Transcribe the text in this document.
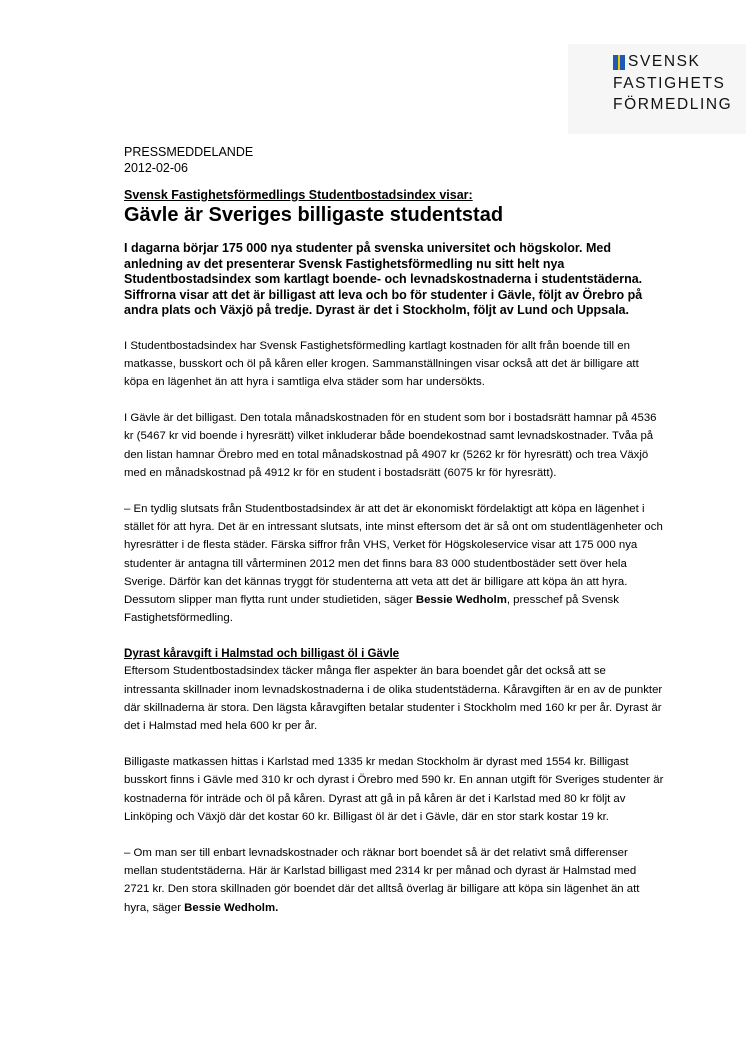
SVENSK
FASTIGHETS
FÖRMEDLING

PRESSMEDDELANDE

2012-02-06

Svensk Fastighetsförmedlings Studentbostadsindex visar:

Gävle är Sveriges billigaste studentstad

I dagarna börjar 175 000 nya studenter på svenska universitet och högskolor. Med anledning av det presenterar Svensk Fastighetsförmedling nu sitt helt nya Studentbostadsindex som kartlagt boende- och levnadskostnaderna i studentstäderna. Siffrorna visar att det är billigast att leva och bo för studenter i Gävle, följt av Örebro på andra plats och Växjö på tredje. Dyrast är det i Stockholm, följt av Lund och Uppsala.

I Studentbostadsindex har Svensk Fastighetsförmedling kartlagt kostnaden för allt från boende till en matkasse, busskort och öl på kåren eller krogen. Sammanställningen visar också att det är billigare att köpa en lägenhet än att hyra i samtliga elva städer som har undersökts.

I Gävle är det billigast. Den totala månadskostnaden för en student som bor i bostadsrätt hamnar på 4536 kr (5467 kr vid boende i hyresrätt) vilket inkluderar både boendekostnad samt levnadskostnader. Tvåa på den listan hamnar Örebro med en total månadskostnad på 4907 kr (5262 kr för hyresrätt) och trea Växjö med en månadskostnad på 4912 kr för en student i bostadsrätt (6075 kr för hyresrätt).

– En tydlig slutsats från Studentbostadsindex är att det är ekonomiskt fördelaktigt att köpa en lägenhet i stället för att hyra. Det är en intressant slutsats, inte minst eftersom det är så ont om studentlägenheter och hyresrätter i de flesta städer. Färska siffror från VHS, Verket för Högskoleservice visar att 175 000 nya studenter är antagna till vårterminen 2012 men det finns bara 83 000 studentbostäder sett över hela Sverige. Därför kan det kännas tryggt för studenterna att veta att det är billigare att köpa än att hyra. Dessutom slipper man flytta runt under studietiden, säger Bessie Wedholm, presschef på Svensk Fastighetsförmedling.

Dyrast kåravgift i Halmstad och billigast öl i Gävle

Eftersom Studentbostadsindex täcker många fler aspekter än bara boendet går det också att se intressanta skillnader inom levnadskostnaderna i de olika studentstäderna. Kåravgiften är en av de punkter där skillnaderna är stora. Den lägsta kåravgiften betalar studenter i Stockholm med 160 kr per år. Dyrast är det i Halmstad med hela 600 kr per år.

Billigaste matkassen hittas i Karlstad med 1335 kr medan Stockholm är dyrast med 1554 kr. Billigast busskort finns i Gävle med 310 kr och dyrast i Örebro med 590 kr. En annan utgift för Sveriges studenter är kostnaderna för inträde och öl på kåren. Dyrast att gå in på kåren är det i Karlstad med 80 kr följt av Linköping och Växjö där det kostar 60 kr. Billigast öl är det i Gävle, där en stor stark kostar 19 kr.

– Om man ser till enbart levnadskostnader och räknar bort boendet så är det relativt små differenser mellan studentstäderna. Här är Karlstad billigast med 2314 kr per månad och dyrast är Halmstad med 2721 kr. Den stora skillnaden gör boendet där det alltså överlag är billigare att köpa sin lägenhet än att hyra, säger Bessie Wedholm.
